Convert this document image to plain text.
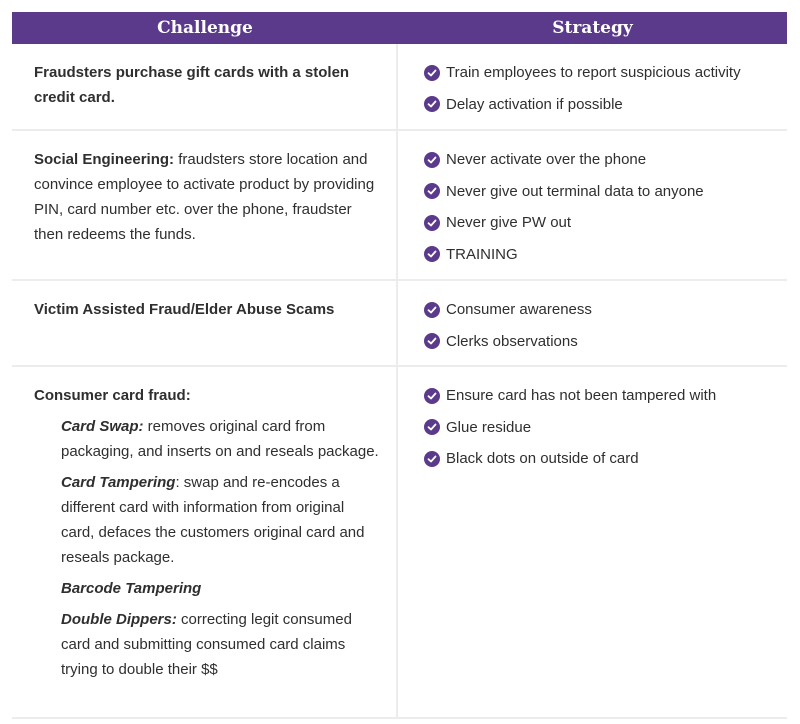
Challenge	Strategy
Fraudsters purchase gift cards with a stolen credit card.
Train employees to report suspicious activity
Delay activation if possible
Social Engineering: fraudsters store location and convince employee to activate product by providing PIN, card number etc. over the phone, fraudster then redeems the funds.
Never activate over the phone
Never give out terminal data to anyone
Never give PW out
TRAINING
Victim Assisted Fraud/Elder Abuse Scams	Consumer awareness
Clerks observations
Consumer card fraud:
Card Swap: removes original card from packaging, and inserts on and reseals package.
Card Tampering: swap and re-encodes a different card with information from original card, defaces the customers original card and reseals package.
Barcode Tampering
Double Dippers: correcting legit consumed card and submitting consumed card claims trying to double their $$
Ensure card has not been tampered with
Glue residue
Black dots on outside of card
